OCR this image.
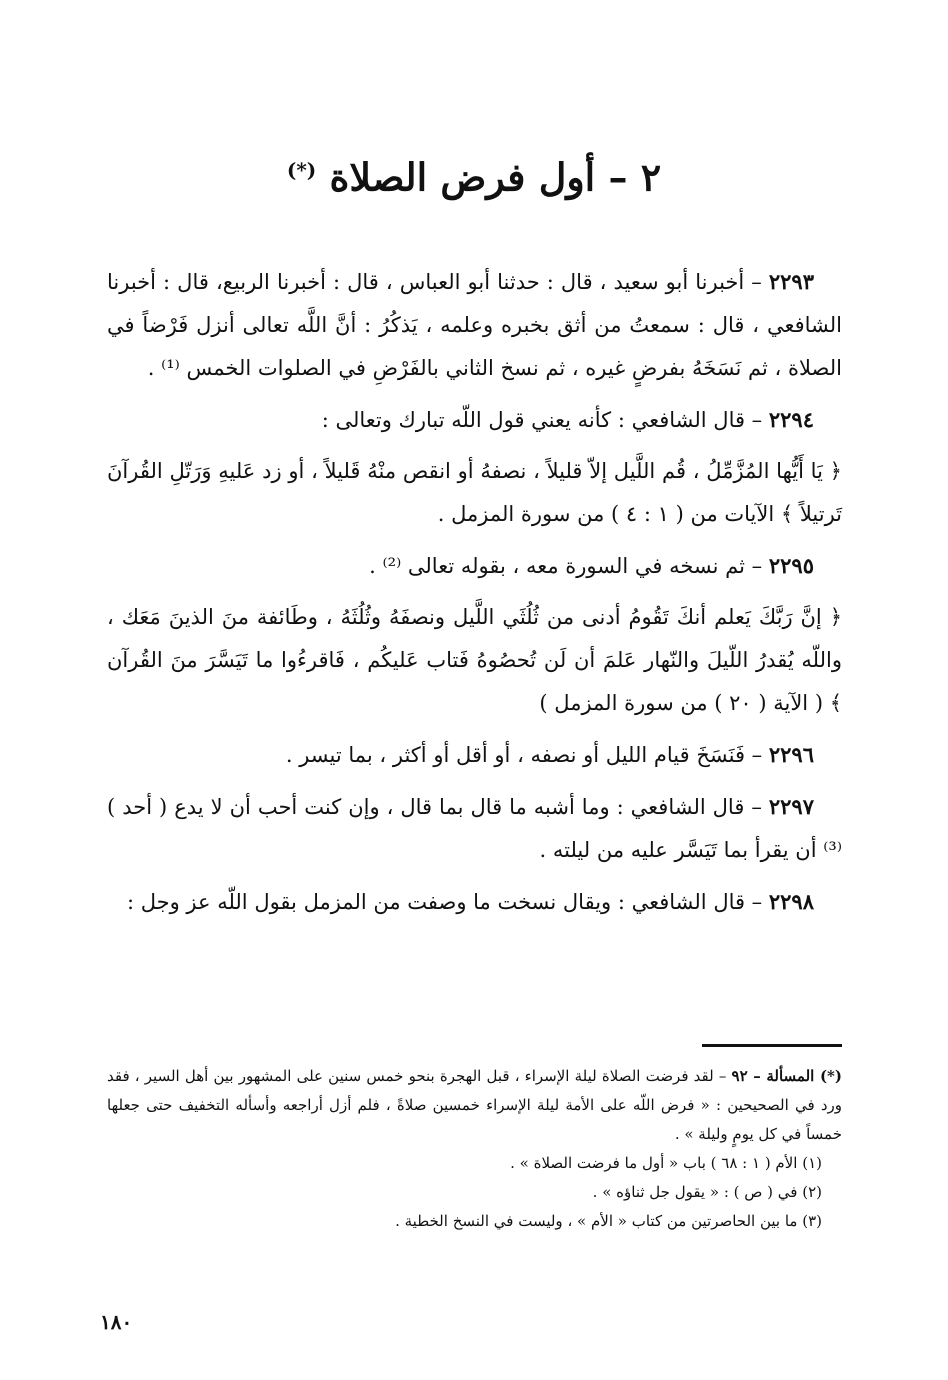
٢ – أول فرض الصلاة (*)

٢٢٩٣ – أخبرنا أبو سعيد ، قال : حدثنا أبو العباس ، قال : أخبرنا الربيع، قال : أخبرنا الشافعي ، قال : سمعتُ من أثق بخبره وعلمه ، يَذكُرُ : أنَّ اللَّه تعالى أنزل فَرْضاً في الصلاة ، ثم نَسَخَهُ بفرضٍ غيره ، ثم نسخ الثاني بالفَرْضِ في الصلوات الخمس ⁽¹⁾ .

٢٢٩٤ – قال الشافعي : كأنه يعني قول اللّه تبارك وتعالى :

﴿ يَا أَيُّها المُزَّمِّلُ ، قُم اللَّيل إلاّ قليلاً ، نصفهُ أو انقص منْهُ قَليلاً ، أو زد عَليهِ وَرَتّلِ القُرآنَ تَرتيلاً ﴾ الآيات من ( ١ : ٤ ) من سورة المزمل .

٢٢٩٥ – ثم نسخه في السورة معه ، بقوله تعالى ⁽²⁾ .

﴿ إنَّ رَبَّكَ يَعلم أنكَ تَقُومُ أدنى من ثُلُثَي اللَّيل ونصفَهُ وثُلُثَهُ ، وطَائفة منَ الذينَ مَعَك ، واللّه يُقدرُ اللّيلَ والنّهار عَلمَ أن لَن تُحصُوهُ فَتاب عَليكُم ، فَاقرءُوا ما تَيَسَّرَ منَ القُرآن ﴾ ( الآية ( ٢٠ ) من سورة المزمل )

٢٢٩٦ – فَنَسَخَ قيام الليل أو نصفه ، أو أقل أو أكثر ، بما تيسر .

٢٢٩٧ – قال الشافعي : وما أشبه ما قال بما قال ، وإن كنت أحب أن لا يدع ( أحد ) ⁽³⁾ أن يقرأ بما تَيَسَّر عليه من ليلته .

٢٢٩٨ – قال الشافعي : ويقال نسخت ما وصفت من المزمل بقول اللّه عز وجل :

(*) المسألة – ٩٢ – لقد فرضت الصلاة ليلة الإسراء ، قبل الهجرة بنحو خمس سنين على المشهور بين أهل السير ، فقد ورد في الصحيحين : « فرض اللّه على الأمة ليلة الإسراء خمسين صلاةً ، فلم أزل أراجعه وأسأله التخفيف حتى جعلها خمساً في كل يومٍ وليلة » .

(١) الأم ( ١ : ٦٨ ) باب « أول ما فرضت الصلاة » .

(٢) في ( ص ) : « يقول جل ثناؤه » .

(٣) ما بين الحاصرتين من كتاب « الأم » ، وليست في النسخ الخطية .

١٨٠
